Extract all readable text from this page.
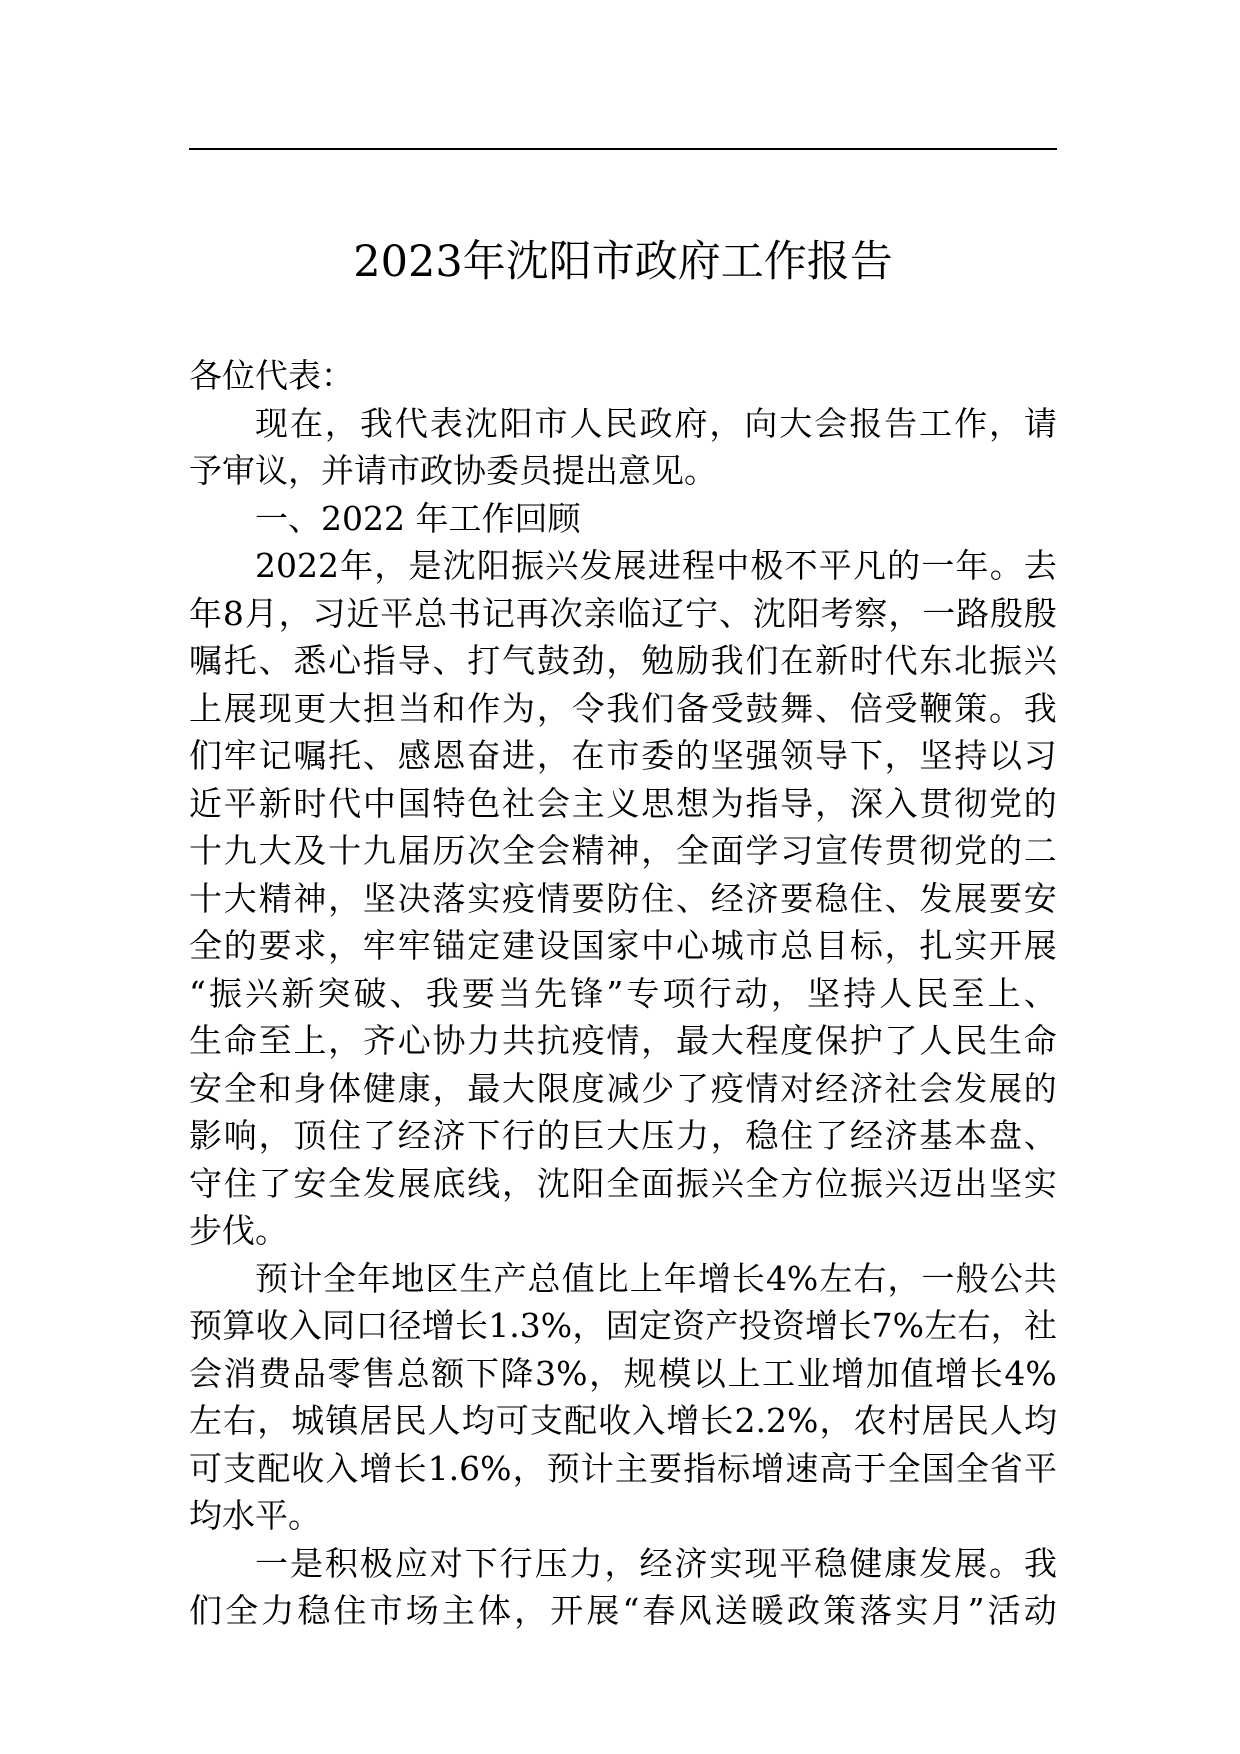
2023年沈阳市政府工作报告
各位代表：
现 在 ， 我 代 表 沈 阳 市 人 民 政 府 ， 向 大 会 报 告 工 作 ， 请
予审议，并请市政协委员提出意见。
一、2022 年工作回顾
2022 年 ， 是 沈 阳 振 兴 发 展 进 程 中 极 不 平 凡 的 一 年 。 去
年 8 月 ， 习 近 平 总 书 记 再 次 亲 临 辽 宁 、 沈 阳 考 察 ， 一 路 殷 殷
嘱 托 、 悉 心 指 导 、 打 气 鼓 劲 ， 勉 励 我 们 在 新 时 代 东 北 振 兴
上 展 现 更 大 担 当 和 作 为 ， 令 我 们 备 受 鼓 舞 、 倍 受 鞭 策 。 我
们 牢 记 嘱 托 、 感 恩 奋 进 ， 在 市 委 的 坚 强 领 导 下 ， 坚 持 以 习
近 平 新 时 代 中 国 特 色 社 会 主 义 思 想 为 指 导 ， 深 入 贯 彻 党 的
十 九 大 及 十 九 届 历 次 全 会 精 神 ， 全 面 学 习 宣 传 贯 彻 党 的 二
十 大 精 神 ， 坚 决 落 实 疫 情 要 防 住 、 经 济 要 稳 住 、 发 展 要 安
全 的 要 求 ， 牢 牢 锚 定 建 设 国 家 中 心 城 市 总 目 标 ， 扎 实 开 展
“ 振 兴 新 突 破 、 我 要 当 先 锋 ” 专 项 行 动 ， 坚 持 人 民 至 上 、
生 命 至 上 ， 齐 心 协 力 共 抗 疫 情 ， 最 大 程 度 保 护 了 人 民 生 命
安 全 和 身 体 健 康 ， 最 大 限 度 减 少 了 疫 情 对 经 济 社 会 发 展 的
影 响 ， 顶 住 了 经 济 下 行 的 巨 大 压 力 ， 稳 住 了 经 济 基 本 盘 、
守 住 了 安 全 发 展 底 线 ， 沈 阳 全 面 振 兴 全 方 位 振 兴 迈 出 坚 实
步伐。
预 计 全 年 地 区 生 产 总 值 比 上 年 增 长 4% 左 右 ， 一 般 公 共
预 算 收 入 同 口 径 增 长 1.3% ， 固 定 资 产 投 资 增 长 7% 左 右 ， 社
会 消 费 品 零 售 总 额 下 降 3% ， 规 模 以 上 工 业 增 加 值 增 长 4%
左 右 ， 城 镇 居 民 人 均 可 支 配 收 入 增 长 2.2% ， 农 村 居 民 人 均
可 支 配 收 入 增 长 1.6% ， 预 计 主 要 指 标 增 速 高 于 全 国 全 省 平
均水平。
一 是 积 极 应 对 下 行 压 力 ， 经 济 实 现 平 稳 健 康 发 展 。 我
们 全 力 稳 住 市 场 主 体 ， 开 展 “ 春 风 送 暖 政 策 落 实 月 ” 活 动
